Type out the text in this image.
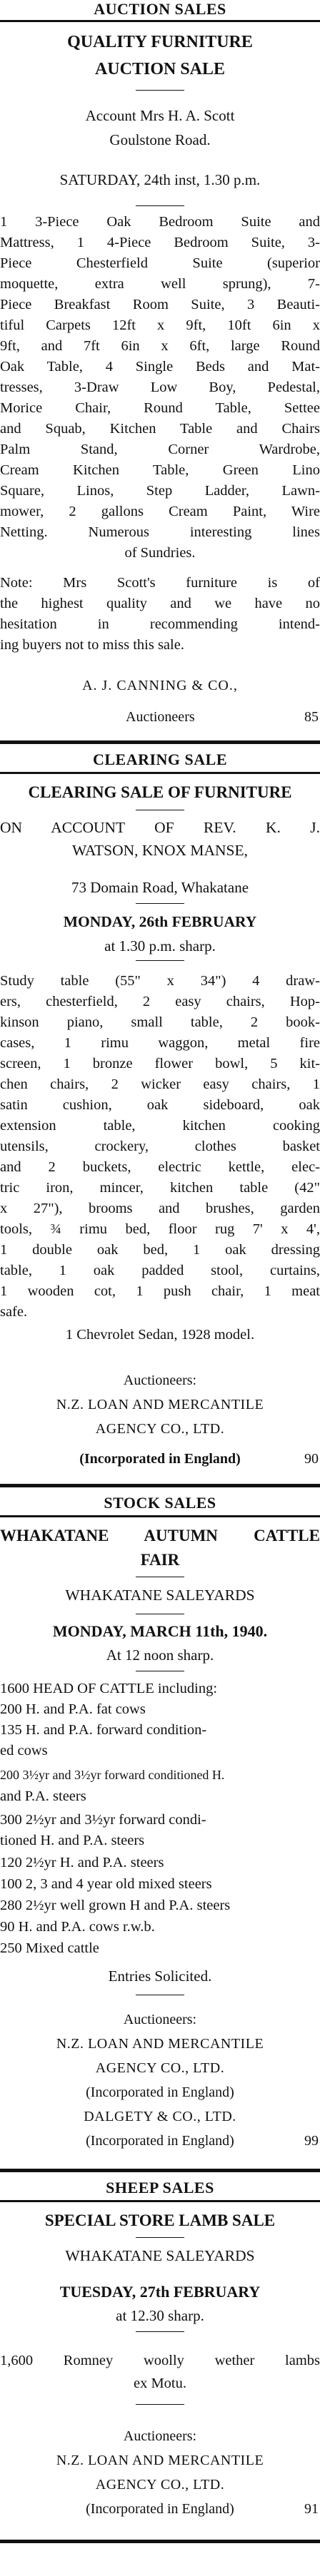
AUCTION SALES
QUALITY FURNITURE
AUCTION SALE
Account Mrs H. A. Scott
Goulstone Road.
SATURDAY, 24th inst, 1.30 p.m.
1 3-Piece Oak Bedroom Suite and
Mattress, 1 4-Piece Bedroom Suite, 3-
Piece Chesterfield Suite (superior
moquette, extra well sprung), 7-
Piece Breakfast Room Suite, 3 Beauti-
tiful Carpets 12ft x 9ft, 10ft 6in x
9ft, and 7ft 6in x 6ft, large Round
Oak Table, 4 Single Beds and Mat-
tresses, 3-Draw Low Boy, Pedestal,
Morice Chair, Round Table, Settee
and Squab, Kitchen Table and Chairs
Palm Stand, Corner Wardrobe,
Cream Kitchen Table, Green Lino
Square, Linos, Step Ladder, Lawn-
mower, 2 gallons Cream Paint, Wire
Netting. Numerous interesting lines
of Sundries.
Note: Mrs Scott's furniture is of
the highest quality and we have no
hesitation in recommending intend-
ing buyers not to miss this sale.
A. J. CANNING & CO.,
Auctioneers	85
CLEARING SALE
CLEARING SALE OF FURNITURE
ON ACCOUNT OF REV. K. J.
WATSON, KNOX MANSE,
73 Domain Road, Whakatane
MONDAY, 26th FEBRUARY
at 1.30 p.m. sharp.
Study table (55" x 34") 4 draw-
ers, chesterfield, 2 easy chairs, Hop-
kinson piano, small table, 2 book-
cases, 1 rimu waggon, metal fire
screen, 1 bronze flower bowl, 5 kit-
chen chairs, 2 wicker easy chairs, 1
satin cushion, oak sideboard, oak
extension table, kitchen cooking
utensils, crockery, clothes basket
and 2 buckets, electric kettle, elec-
tric iron, mincer, kitchen table (42"
x 27"), brooms and brushes, garden
tools, ¾ rimu bed, floor rug 7' x 4',
1 double oak bed, 1 oak dressing
table, 1 oak padded stool, curtains,
1 wooden cot, 1 push chair, 1 meat
safe.
1 Chevrolet Sedan, 1928 model.
Auctioneers:
N.Z. LOAN AND MERCANTILE
AGENCY CO., LTD.
(Incorporated in England)	90
STOCK SALES
WHAKATANE AUTUMN CATTLE
FAIR
WHAKATANE SALEYARDS
MONDAY, MARCH 11th, 1940.
At 12 noon sharp.
1600 HEAD OF CATTLE including:
200 H. and P.A. fat cows
135 H. and P.A. forward condition-
ed cows
200 3½yr and 3½yr forward conditioned H.
and P.A. steers
300 2½yr and 3½yr forward condi-
tioned H. and P.A. steers
120 2½yr H. and P.A. steers
100 2, 3 and 4 year old mixed steers
280 2½yr well grown H and P.A. steers
90 H. and P.A. cows r.w.b.
250 Mixed cattle
Entries Solicited.
Auctioneers:
N.Z. LOAN AND MERCANTILE
AGENCY CO., LTD.
(Incorporated in England)
DALGETY & CO., LTD.
(Incorporated in England)	99
SHEEP SALES
SPECIAL STORE LAMB SALE
WHAKATANE SALEYARDS
TUESDAY, 27th FEBRUARY
at 12.30 sharp.
1,600 Romney woolly wether lambs
ex Motu.
Auctioneers:
N.Z. LOAN AND MERCANTILE
AGENCY CO., LTD.
(Incorporated in England)	91
